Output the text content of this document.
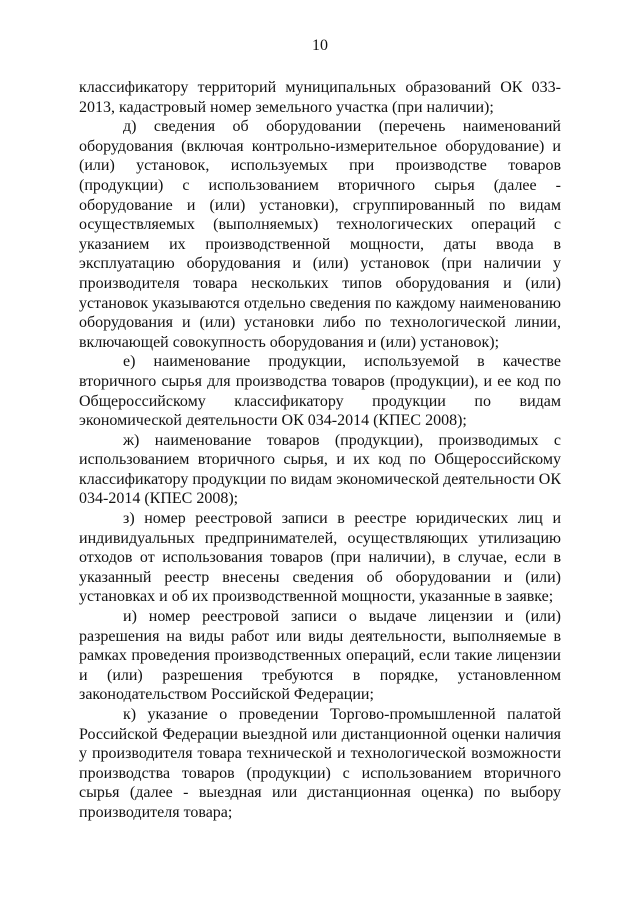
10

классификатору территорий муниципальных образований ОК 033-2013, кадастровый номер земельного участка (при наличии);

д) сведения об оборудовании (перечень наименований оборудования (включая контрольно-измерительное оборудование) и (или) установок, используемых при производстве товаров (продукции) с использованием вторичного сырья (далее - оборудование и (или) установки), сгруппированный по видам осуществляемых (выполняемых) технологических операций с указанием их производственной мощности, даты ввода в эксплуатацию оборудования и (или) установок (при наличии у производителя товара нескольких типов оборудования и (или) установок указываются отдельно сведения по каждому наименованию оборудования и (или) установки либо по технологической линии, включающей совокупность оборудования и (или) установок);

е) наименование продукции, используемой в качестве вторичного сырья для производства товаров (продукции), и ее код по Общероссийскому классификатору продукции по видам экономической деятельности ОК 034-2014 (КПЕС 2008);

ж) наименование товаров (продукции), производимых с использованием вторичного сырья, и их код по Общероссийскому классификатору продукции по видам экономической деятельности ОК 034-2014 (КПЕС 2008);

з) номер реестровой записи в реестре юридических лиц и индивидуальных предпринимателей, осуществляющих утилизацию отходов от использования товаров (при наличии), в случае, если в указанный реестр внесены сведения об оборудовании и (или) установках и об их производственной мощности, указанные в заявке;

и) номер реестровой записи о выдаче лицензии и (или) разрешения на виды работ или виды деятельности, выполняемые в рамках проведения производственных операций, если такие лицензии и (или) разрешения требуются в порядке, установленном законодательством Российской Федерации;

к) указание о проведении Торгово-промышленной палатой Российской Федерации выездной или дистанционной оценки наличия у производителя товара технической и технологической возможности производства товаров (продукции) с использованием вторичного сырья (далее - выездная или дистанционная оценка) по выбору производителя товара;
